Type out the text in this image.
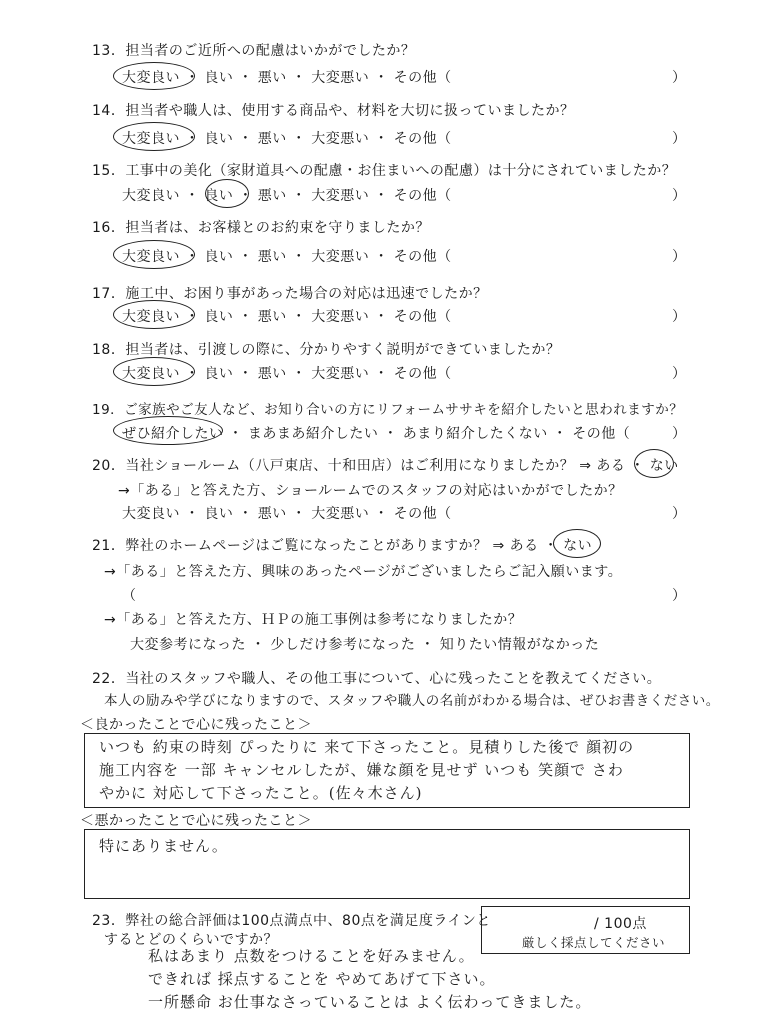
13．担当者のご近所への配慮はいかがでしたか？
大変良い ・ 良い ・ 悪い ・ 大変悪い ・ その他（	）
14．担当者や職人は、使用する商品や、材料を大切に扱っていましたか？
大変良い ・ 良い ・ 悪い ・ 大変悪い ・ その他（	）
15．工事中の美化（家財道具への配慮・お住まいへの配慮）は十分にされていましたか？
大変良い ・ 良い ・ 悪い ・ 大変悪い ・ その他（	）
16．担当者は、お客様とのお約束を守りましたか？
大変良い ・ 良い ・ 悪い ・ 大変悪い ・ その他（	）
17．施工中、お困り事があった場合の対応は迅速でしたか？
大変良い ・ 良い ・ 悪い ・ 大変悪い ・ その他（	）
18．担当者は、引渡しの際に、分かりやすく説明ができていましたか？
大変良い ・ 良い ・ 悪い ・ 大変悪い ・ その他（	）
19．ご家族やご友人など、お知り合いの方にリフォームササキを紹介したいと思われますか？
ぜひ紹介したい ・ まあまあ紹介したい ・ あまり紹介したくない ・ その他（	）
20．当社ショールーム（八戸東店、十和田店）はご利用になりましたか？ ⇒ ある ・ ない
→「ある」と答えた方、ショールームでのスタッフの対応はいかがでしたか？
大変良い ・ 良い ・ 悪い ・ 大変悪い ・ その他（	）
21．弊社のホームページはご覧になったことがありますか？ ⇒ ある ・ ない
→「ある」と答えた方、興味のあったページがございましたらご記入願います。
（	）
→「ある」と答えた方、ＨＰの施工事例は参考になりましたか？
大変参考になった ・ 少しだけ参考になった ・ 知りたい情報がなかった
22．当社のスタッフや職人、その他工事について、心に残ったことを教えてください。
本人の励みや学びになりますので、スタッフや職人の名前がわかる場合は、ぜひお書きください。
＜良かったことで心に残ったこと＞
いつも 約束の時刻 ぴったりに 来て下さったこと。見積りした後で 顔初の
施工内容を 一部 キャンセルしたが、嫌な顔を見せず いつも 笑顔で さわ
やかに 対応して下さったこと。(佐々木さん)
＜悪かったことで心に残ったこと＞
特にありません。
23．弊社の総合評価は100点満点中、80点を満足度ラインと
するとどのくらいですか？
/ 100点
厳しく採点してください
私はあまり 点数をつけることを好みません。
できれば 採点することを やめてあげて下さい。
一所懸命 お仕事なさっていることは よく伝わってきました。
